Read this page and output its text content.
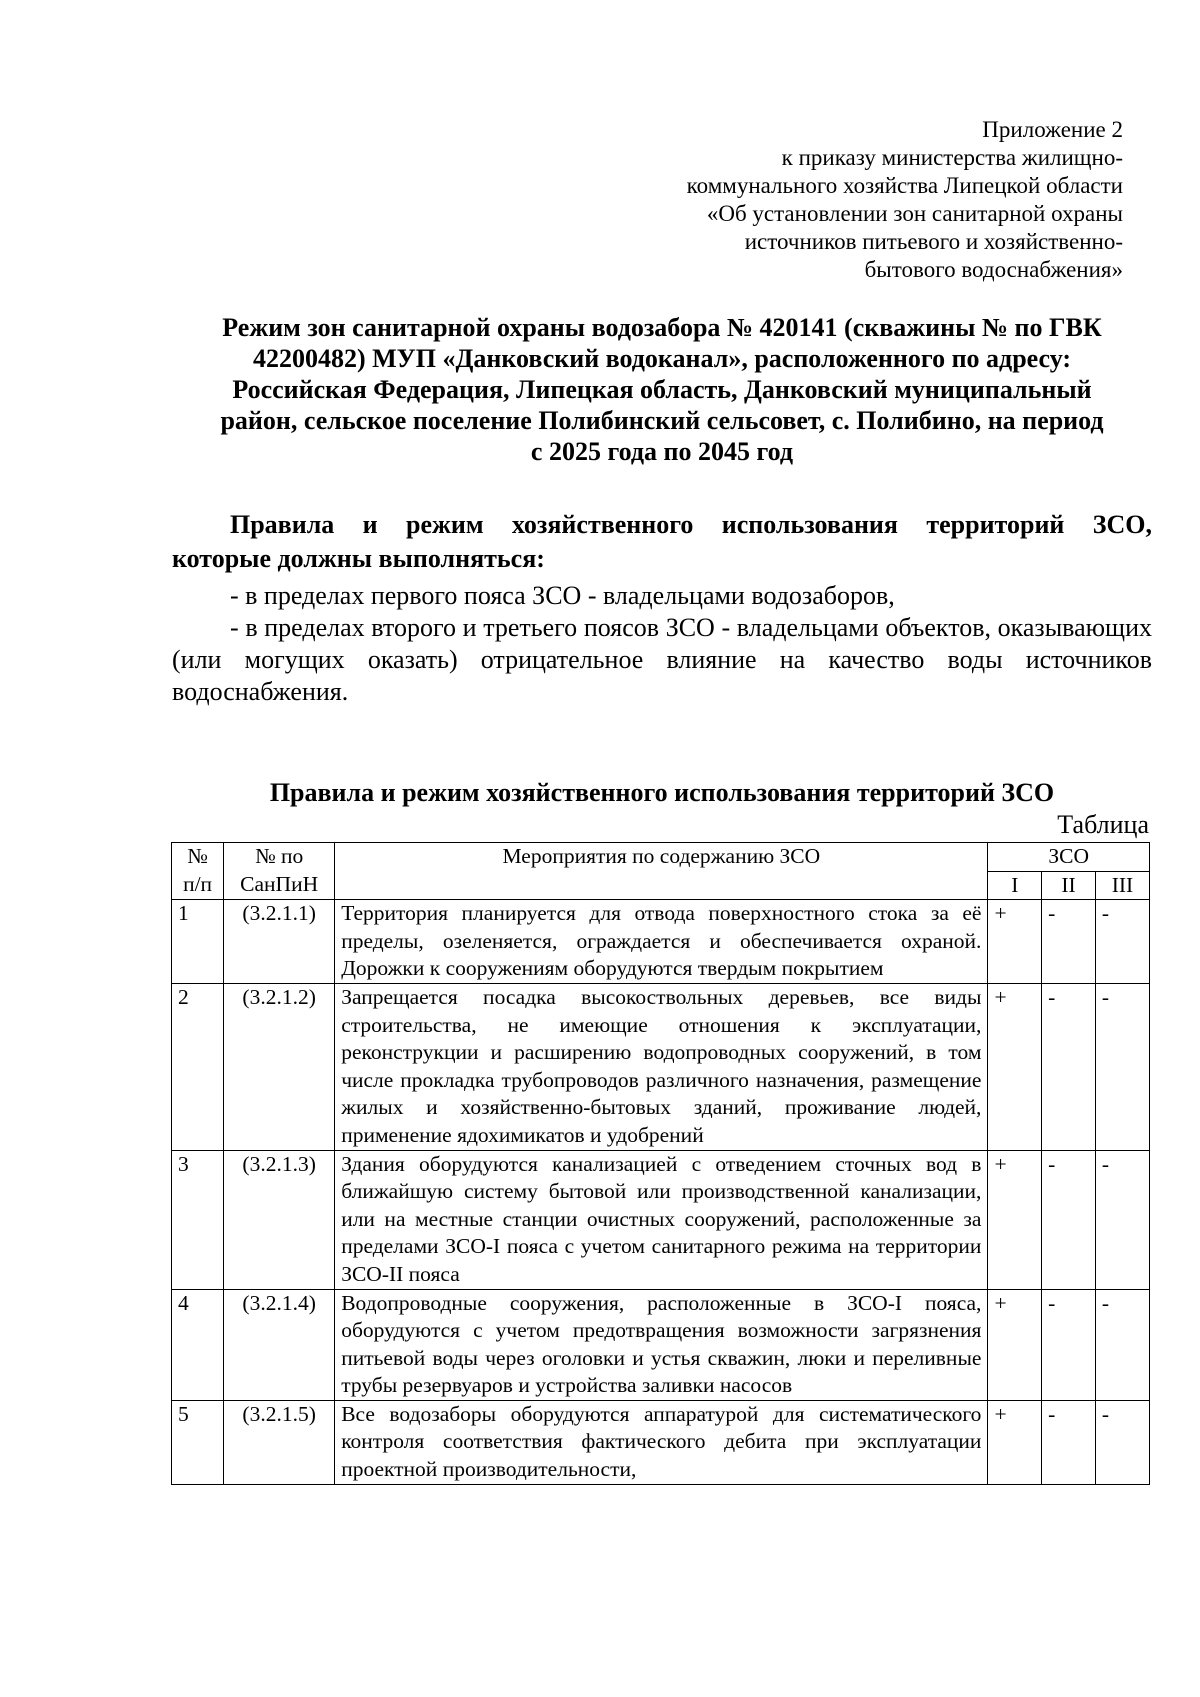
Приложение 2
к приказу министерства жилищно-
коммунального хозяйства Липецкой области
«Об установлении зон санитарной охраны
источников питьевого и хозяйственно-
бытового водоснабжения»
Режим зон санитарной охраны водозабора № 420141 (скважины № по ГВК
42200482) МУП «Данковский водоканал», расположенного по адресу:
Российская Федерация, Липецкая область, Данковский муниципальный
район, сельское поселение Полибинский сельсовет, с. Полибино, на период
с 2025 года по 2045 год
Правила и режим хозяйственного использования территорий ЗСО,
которые должны выполняться:

- в пределах первого пояса ЗСО - владельцами водозаборов,

- в пределах второго и третьего поясов ЗСО - владельцами объектов, оказывающих (или могущих оказать) отрицательное влияние на качество воды источников водоснабжения.

Правила и режим хозяйственного использования территорий ЗСО
Таблица
№ п/п	№ по СанПиН	Мероприятия по содержанию ЗСО	ЗСО		
			I	II	III
1	(3.2.1.1)	Территория планируется для отвода поверхностного стока за её пределы, озеленяется, ограждается и обеспечивается охраной. Дорожки к сооружениям оборудуются твердым покрытием	+	-	-
2	(3.2.1.2)	Запрещается посадка высокоствольных деревьев, все виды строительства, не имеющие отношения к эксплуатации, реконструкции и расширению водопроводных сооружений, в том числе прокладка трубопроводов различного назначения, размещение жилых и хозяйственно-бытовых зданий, проживание людей, применение ядохимикатов и удобрений	+	-	-
3	(3.2.1.3)	Здания оборудуются канализацией с отведением сточных вод в ближайшую систему бытовой или производственной канализации, или на местные станции очистных сооружений, расположенные за пределами ЗСО-I пояса с учетом санитарного режима на территории ЗСО-II пояса	+	-	-
4	(3.2.1.4)	Водопроводные сооружения, расположенные в ЗСО-I пояса, оборудуются с учетом предотвращения возможности загрязнения питьевой воды через оголовки и устья скважин, люки и переливные трубы резервуаров и устройства заливки насосов	+	-	-
5	(3.2.1.5)	Все водозаборы оборудуются аппаратурой для систематического контроля соответствия фактического дебита при эксплуатации проектной производительности,	+	-	-
